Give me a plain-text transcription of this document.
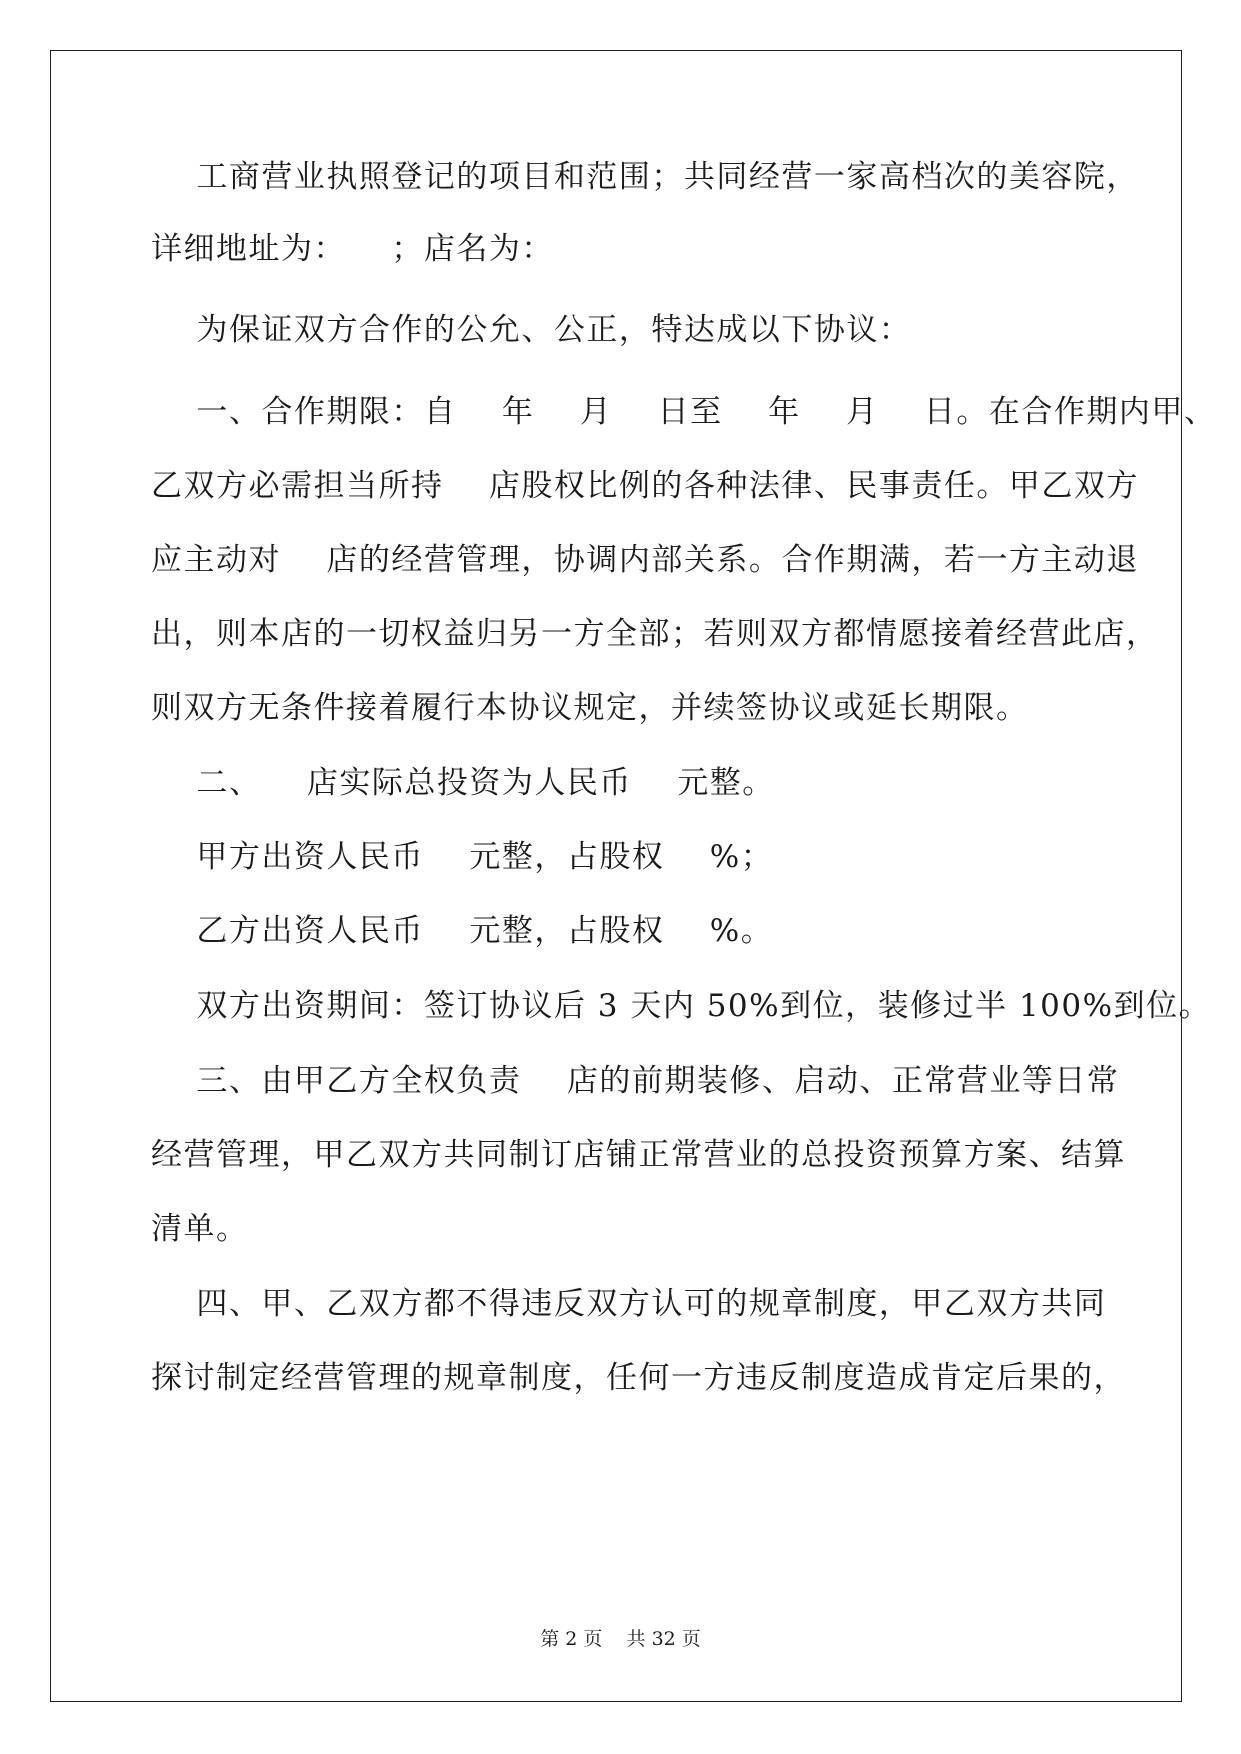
工商营业执照登记的项目和范围；共同经营一家高档次的美容院，
详细地址为：    ；店名为：
为保证双方合作的公允、公正，特达成以下协议：
一、合作期限：自    年    月    日至    年    月    日。在合作期内甲、
乙双方必需担当所持    店股权比例的各种法律、民事责任。甲乙双方
应主动对    店的经营管理，协调内部关系。合作期满，若一方主动退
出，则本店的一切权益归另一方全部；若则双方都情愿接着经营此店，
则双方无条件接着履行本协议规定，并续签协议或延长期限。
二、    店实际总投资为人民币    元整。
甲方出资人民币    元整，占股权    %；
乙方出资人民币    元整，占股权    %。
双方出资期间：签订协议后 3 天内 50%到位，装修过半 100%到位。
三、由甲乙方全权负责    店的前期装修、启动、正常营业等日常
经营管理，甲乙双方共同制订店铺正常营业的总投资预算方案、结算
清单。
四、甲、乙双方都不得违反双方认可的规章制度，甲乙双方共同
探讨制定经营管理的规章制度，任何一方违反制度造成肯定后果的，
第 2 页    共 32 页
